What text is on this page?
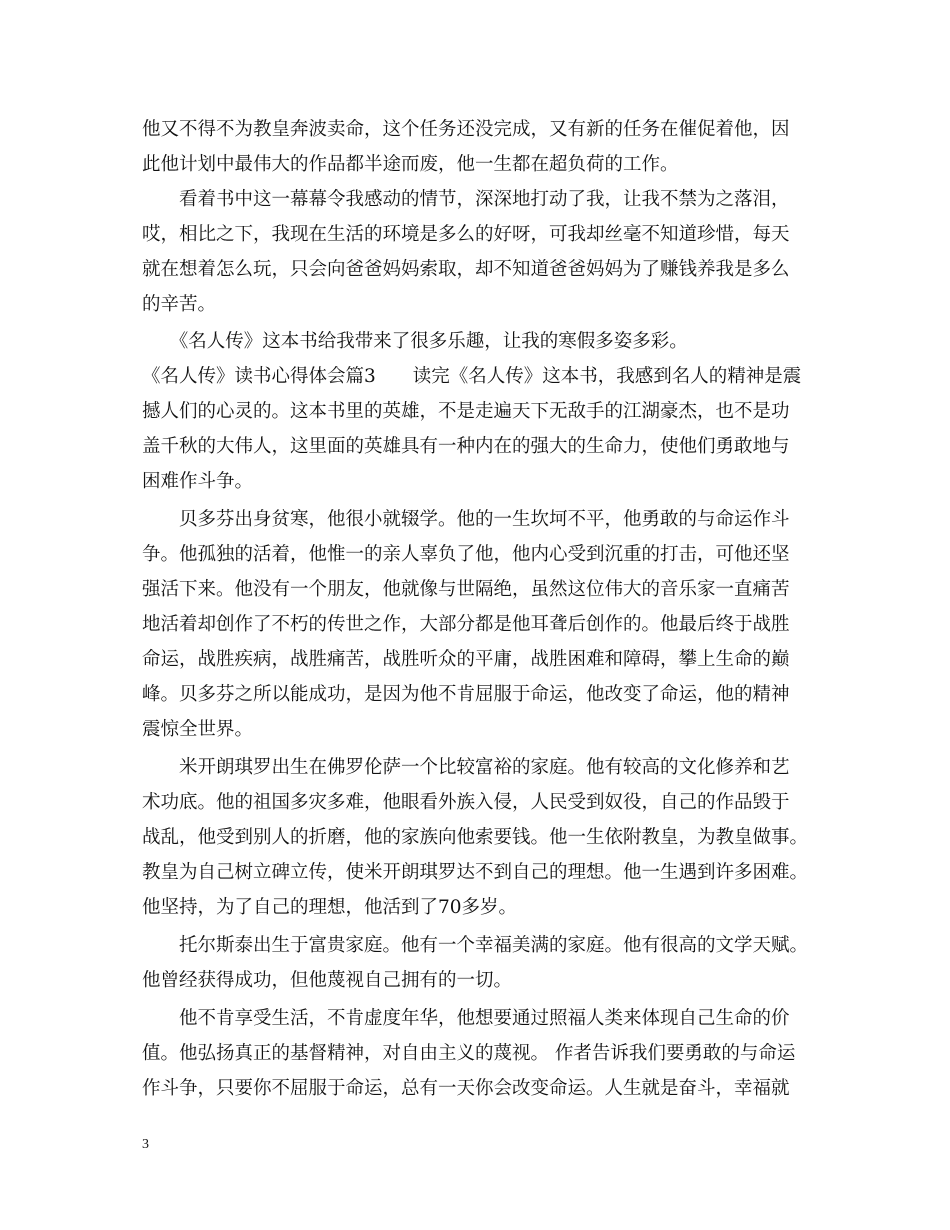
他又不得不为教皇奔波卖命，这个任务还没完成，又有新的任务在催促着他，因
此他计划中最伟大的作品都半途而废，他一生都在超负荷的工作。
　　看着书中这一幕幕令我感动的情节，深深地打动了我，让我不禁为之落泪，
哎，相比之下，我现在生活的环境是多么的好呀，可我却丝毫不知道珍惜，每天
就在想着怎么玩，只会向爸爸妈妈索取，却不知道爸爸妈妈为了赚钱养我是多么
的辛苦。
　　《名人传》这本书给我带来了很多乐趣，让我的寒假多姿多彩。
《名人传》读书心得体会篇3　　读完《名人传》这本书，我感到名人的精神是震
撼人们的心灵的。这本书里的英雄，不是走遍天下无敌手的江湖豪杰，也不是功
盖千秋的大伟人，这里面的英雄具有一种内在的强大的生命力，使他们勇敢地与
困难作斗争。
　　贝多芬出身贫寒，他很小就辍学。他的一生坎坷不平，他勇敢的与命运作斗
争。他孤独的活着，他惟一的亲人辜负了他，他内心受到沉重的打击，可他还坚
强活下来。他没有一个朋友，他就像与世隔绝，虽然这位伟大的音乐家一直痛苦
地活着却创作了不朽的传世之作，大部分都是他耳聋后创作的。他最后终于战胜
命运，战胜疾病，战胜痛苦，战胜听众的平庸，战胜困难和障碍，攀上生命的巅
峰。贝多芬之所以能成功，是因为他不肯屈服于命运，他改变了命运，他的精神
震惊全世界。
　　米开朗琪罗出生在佛罗伦萨一个比较富裕的家庭。他有较高的文化修养和艺
术功底。他的祖国多灾多难，他眼看外族入侵，人民受到奴役，自己的作品毁于
战乱，他受到别人的折磨，他的家族向他索要钱。他一生依附教皇，为教皇做事。
教皇为自己树立碑立传，使米开朗琪罗达不到自己的理想。他一生遇到许多困难。
他坚持，为了自己的理想，他活到了70多岁。
　　托尔斯泰出生于富贵家庭。他有一个幸福美满的家庭。他有很高的文学天赋。
他曾经获得成功，但他蔑视自己拥有的一切。
　　他不肯享受生活，不肯虚度年华，他想要通过照福人类来体现自己生命的价
值。他弘扬真正的基督精神，对自由主义的蔑视。 作者告诉我们要勇敢的与命运
作斗争，只要你不屈服于命运，总有一天你会改变命运。人生就是奋斗，幸福就
3
